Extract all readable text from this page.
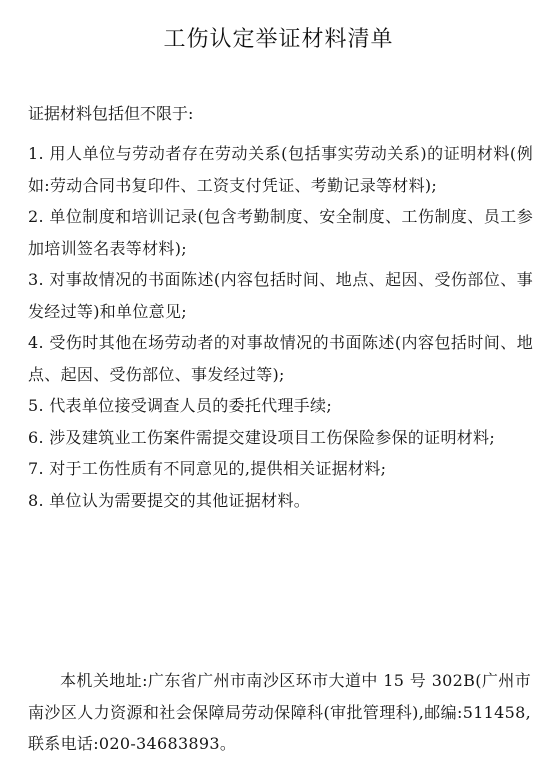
工伤认定举证材料清单
证据材料包括但不限于:
1. 用人单位与劳动者存在劳动关系(包括事实劳动关系)的证明材料(例如:劳动合同书复印件、工资支付凭证、考勤记录等材料);
2. 单位制度和培训记录(包含考勤制度、安全制度、工伤制度、员工参加培训签名表等材料);
3. 对事故情况的书面陈述(内容包括时间、地点、起因、受伤部位、事发经过等)和单位意见;
4. 受伤时其他在场劳动者的对事故情况的书面陈述(内容包括时间、地点、起因、受伤部位、事发经过等);
5. 代表单位接受调查人员的委托代理手续;
6. 涉及建筑业工伤案件需提交建设项目工伤保险参保的证明材料;
7. 对于工伤性质有不同意见的,提供相关证据材料;
8. 单位认为需要提交的其他证据材料。
本机关地址:广东省广州市南沙区环市大道中 15 号 302B(广州市南沙区人力资源和社会保障局劳动保障科(审批管理科),邮编:511458,联系电话:020-34683893。
